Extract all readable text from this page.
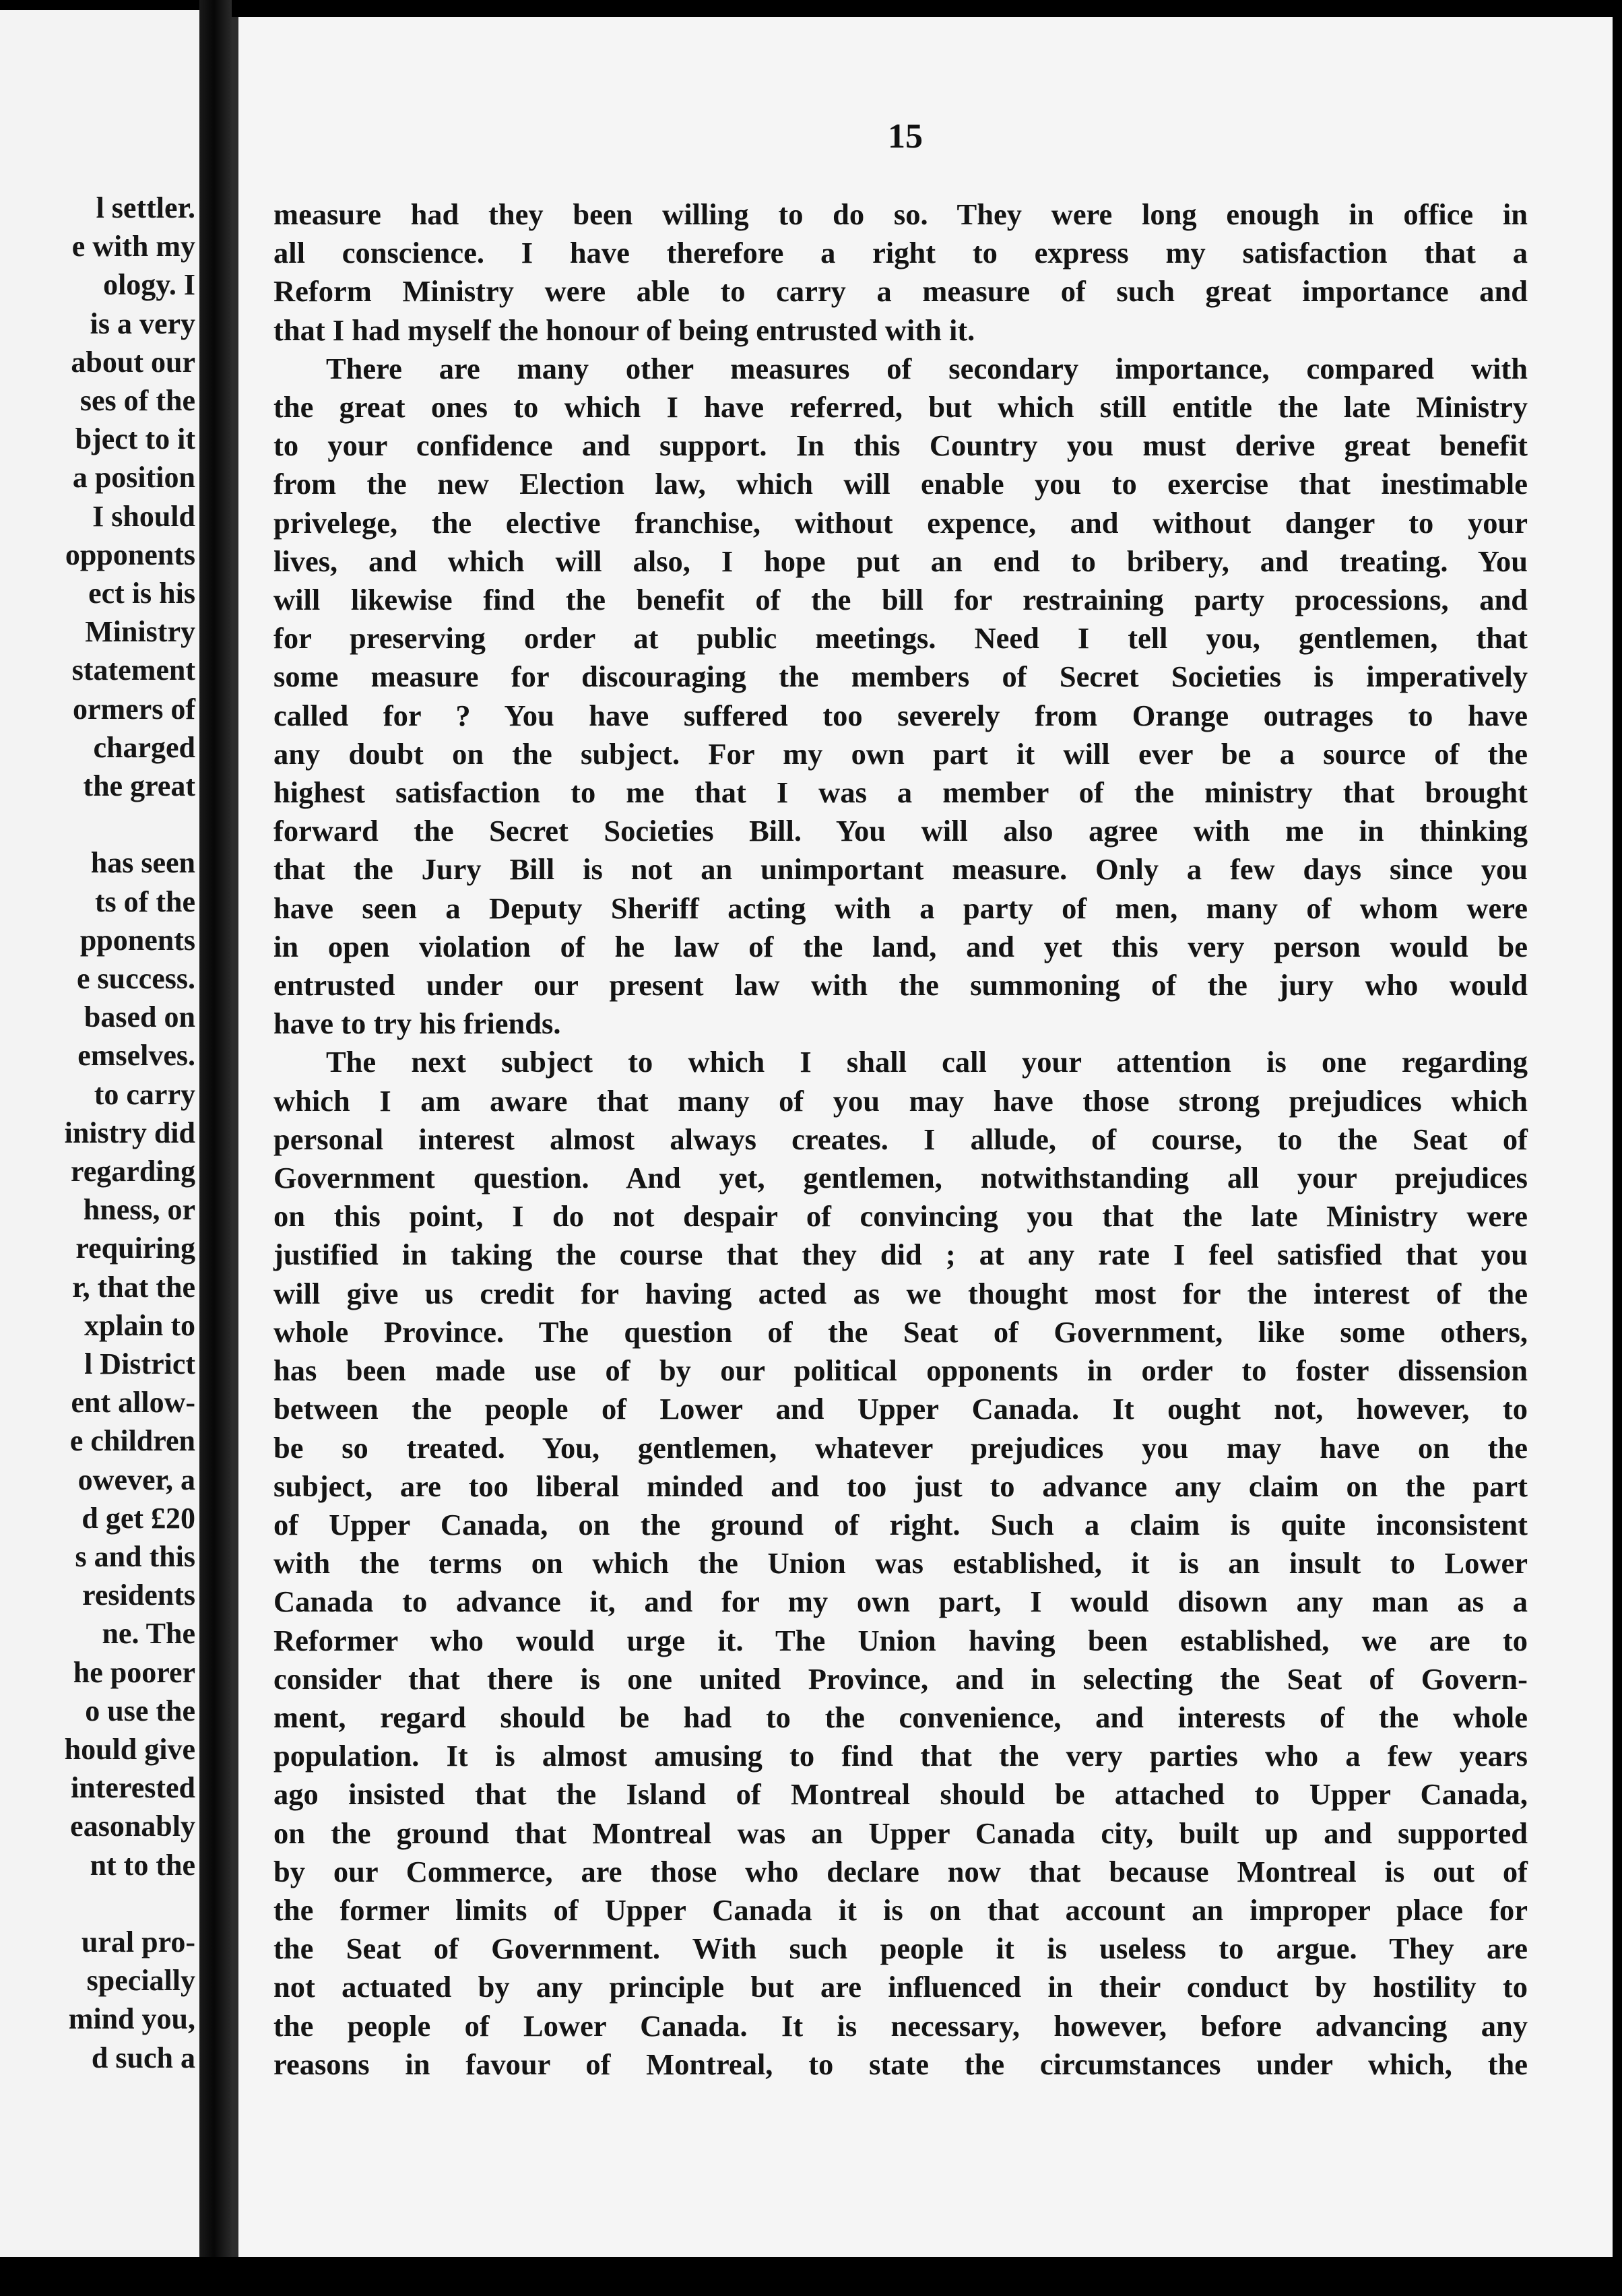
l settler.
e with my
ology. I
is a very
about our
ses of the
bject to it
a position
I should
opponents
ect is his
Ministry
statement
ormers of
charged
the great
has seen
ts of the
pponents
e success.
based on
emselves.
to carry
inistry did
regarding
hness, or
requiring
r, that the
xplain to
l District
ent allow-
e children
owever, a
d get £20
s and this
residents
ne. The
he poorer
o use the
hould give
interested
easonably
nt to the
ural pro-
specially
mind you,
d such a
15
measure had they been willing to do so. They were long enough in office in
all conscience. I have therefore a right to express my satisfaction that a
Reform Ministry were able to carry a measure of such great importance and
that I had myself the honour of being entrusted with it.
There are many other measures of secondary importance, compared with
the great ones to which I have referred, but which still entitle the late Ministry
to your confidence and support. In this Country you must derive great benefit
from the new Election law, which will enable you to exercise that inestimable
privelege, the elective franchise, without expence, and without danger to your
lives, and which will also, I hope put an end to bribery, and treating. You
will likewise find the benefit of the bill for restraining party processions, and
for preserving order at public meetings. Need I tell you, gentlemen, that
some measure for discouraging the members of Secret Societies is imperatively
called for ? You have suffered too severely from Orange outrages to have
any doubt on the subject. For my own part it will ever be a source of the
highest satisfaction to me that I was a member of the ministry that brought
forward the Secret Societies Bill. You will also agree with me in thinking
that the Jury Bill is not an unimportant measure. Only a few days since you
have seen a Deputy Sheriff acting with a party of men, many of whom were
in open violation of he law of the land, and yet this very person would be
entrusted under our present law with the summoning of the jury who would
have to try his friends.
The next subject to which I shall call your attention is one regarding
which I am aware that many of you may have those strong prejudices which
personal interest almost always creates. I allude, of course, to the Seat of
Government question. And yet, gentlemen, notwithstanding all your prejudices
on this point, I do not despair of convincing you that the late Ministry were
justified in taking the course that they did ; at any rate I feel satisfied that you
will give us credit for having acted as we thought most for the interest of the
whole Province. The question of the Seat of Government, like some others,
has been made use of by our political opponents in order to foster dissension
between the people of Lower and Upper Canada. It ought not, however, to
be so treated. You, gentlemen, whatever prejudices you may have on the
subject, are too liberal minded and too just to advance any claim on the part
of Upper Canada, on the ground of right. Such a claim is quite inconsistent
with the terms on which the Union was established, it is an insult to Lower
Canada to advance it, and for my own part, I would disown any man as a
Reformer who would urge it. The Union having been established, we are to
consider that there is one united Province, and in selecting the Seat of Govern-
ment, regard should be had to the convenience, and interests of the whole
population. It is almost amusing to find that the very parties who a few years
ago insisted that the Island of Montreal should be attached to Upper Canada,
on the ground that Montreal was an Upper Canada city, built up and supported
by our Commerce, are those who declare now that because Montreal is out of
the former limits of Upper Canada it is on that account an improper place for
the Seat of Government. With such people it is useless to argue. They are
not actuated by any principle but are influenced in their conduct by hostility to
the people of Lower Canada. It is necessary, however, before advancing any
reasons in favour of Montreal, to state the circumstances under which, the
